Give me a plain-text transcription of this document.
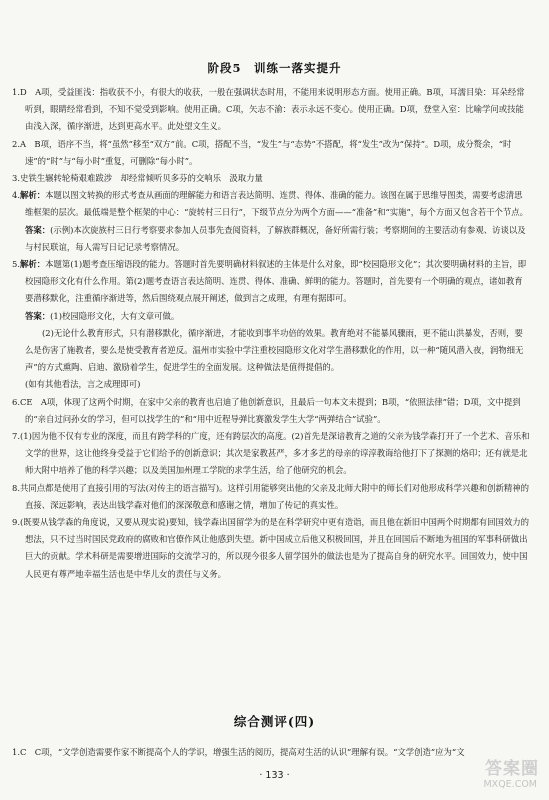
阶段5　训练一落实提升

1.D　A项，受益匪浅：指收获不小，有很大的收获，一般在强调状态时用，不能用来说明形态方面。使用正确。B项，耳濡目染：耳朵经常听到，眼睛经常看到，不知不觉受到影响。使用正确。C项，矢志不渝：表示永远不变心。使用正确。D项，登堂入室：比喻学问或技能由浅入深，循序渐进，达到更高水平。此处望文生义。

2.A　B项，语序不当，将“虽然”移至“双方”前。C项，搭配不当，“发生”与“态势”不搭配，将“发生”改为“保持”。D项，成分赘余，“时速”的“时”与“每小时”重复，可删除“每小时”。

3.史铁生辗转轮椅艰难跋涉　却经常倾听贝多芬的交响乐　汲取力量

4.解析：本题以图文转换的形式考查从画面的理解能力和语言表达简明、连贯、得体、准确的能力。该图在属于思维导图类，需要考虑清思维框架的层次。最低端是整个框架的中心：“旋转村三日行”，下级节点分为两个方面——“准备”和“实施”，每个方面又包含若干个节点。

答案：(示例)本次旋族村三日行考察要求参加人员事先查阅资料，了解族群概况，备好所需行装；考察期间的主要活动有参观、访谈以及与村民联谊，每人需写日记记录考察情况。

5.解析：本题第(1)题考查压缩语段的能力。答题时首先要明确材料叙述的主体是什么对象，即“校园隐形文化”；其次要明确材料的主旨，即校园隐形文化有什么作用。第(2)题考查语言表达简明、连贯、得体、准确、鲜明的能力。答题时，首先要有一个明确的观点，诸如教育要潜移默化，注重循序渐进等，然后围绕观点展开阐述，做到言之成理，有理有据即可。

答案：(1)校园隐形文化，大有文章可做。

(2)无论什么教育形式，只有潜移默化，循序渐进，才能收到事半功倍的效果。教育绝对不能暴风骤雨，更不能山洪暴发，否则，要么是伤害了施教者，要么是使受教育者逆反。温州市实验中学注重校园隐形文化对学生潜移默化的作用，以一种“随风潜入夜，润物细无声”的方式熏陶、启迪、激励着学生，促进学生的全面发展。这种做法是值得提倡的。

(如有其他看法，言之成理即可)

6.CE　A项，体现了这两个时期，在家中父亲的教育也启迪了他创新意识，且最后一句本文未提到；B项，“依照法律”错；D项，文中提到的“亲自过问孙女的学习，但可以找学生的”和“用中近程导弹比赛激发学生大学“两弹结合”试验”。

7.(1)因为他不仅有专业的深度，而且有跨学科的广度，还有跨层次的高度。(2)首先是深谙教育之道的父亲为钱学森打开了一个艺术、音乐和文学的世界，这让他终身受益于它们给予的创新意识；其次是家教甚严，多才多艺的母亲的谆淳教诲给他打下了探测的烙印；还有就是北师大附中培养了他的科学兴趣；以及美国加州理工学院的求学生活，给了他研究的机会。

8.共同点都是使用了直接引用的写法(对传主的语言描写)。这样引用能够突出他的父亲及北师大附中的师长们对他形成科学兴趣和创新精神的直接、深远影响，表达出钱学森对他们的深深敬意和感谢之情，增加了传记的真实性。

9.(既要从钱学森的角度说，又要从现实说)要知，钱学森出国留学为的是在科学研究中更有造诣，而且他在新旧中国两个时期都有回国效力的想法，只不过当时国民党政府的腐败和官僚作风让他感到失望。新中国成立后他又积极回国，并且在回国后不断地为祖国的军事科研做出巨大的贡献。学术科研是需要增进国际的交流学习的，所以现今很多人留学国外的做法也是为了提高自身的研究水平。回国效力，使中国人民更有尊严地幸福生活也是中华儿女的责任与义务。

综合测评(四)
1.C　C项，“文学创造需要作家不断提高个人的学识，增强生活的阅历，提高对生活的认识”理解有误。“文学创造”应为“文
· 133 ·	答案圈
MXQE.COM
